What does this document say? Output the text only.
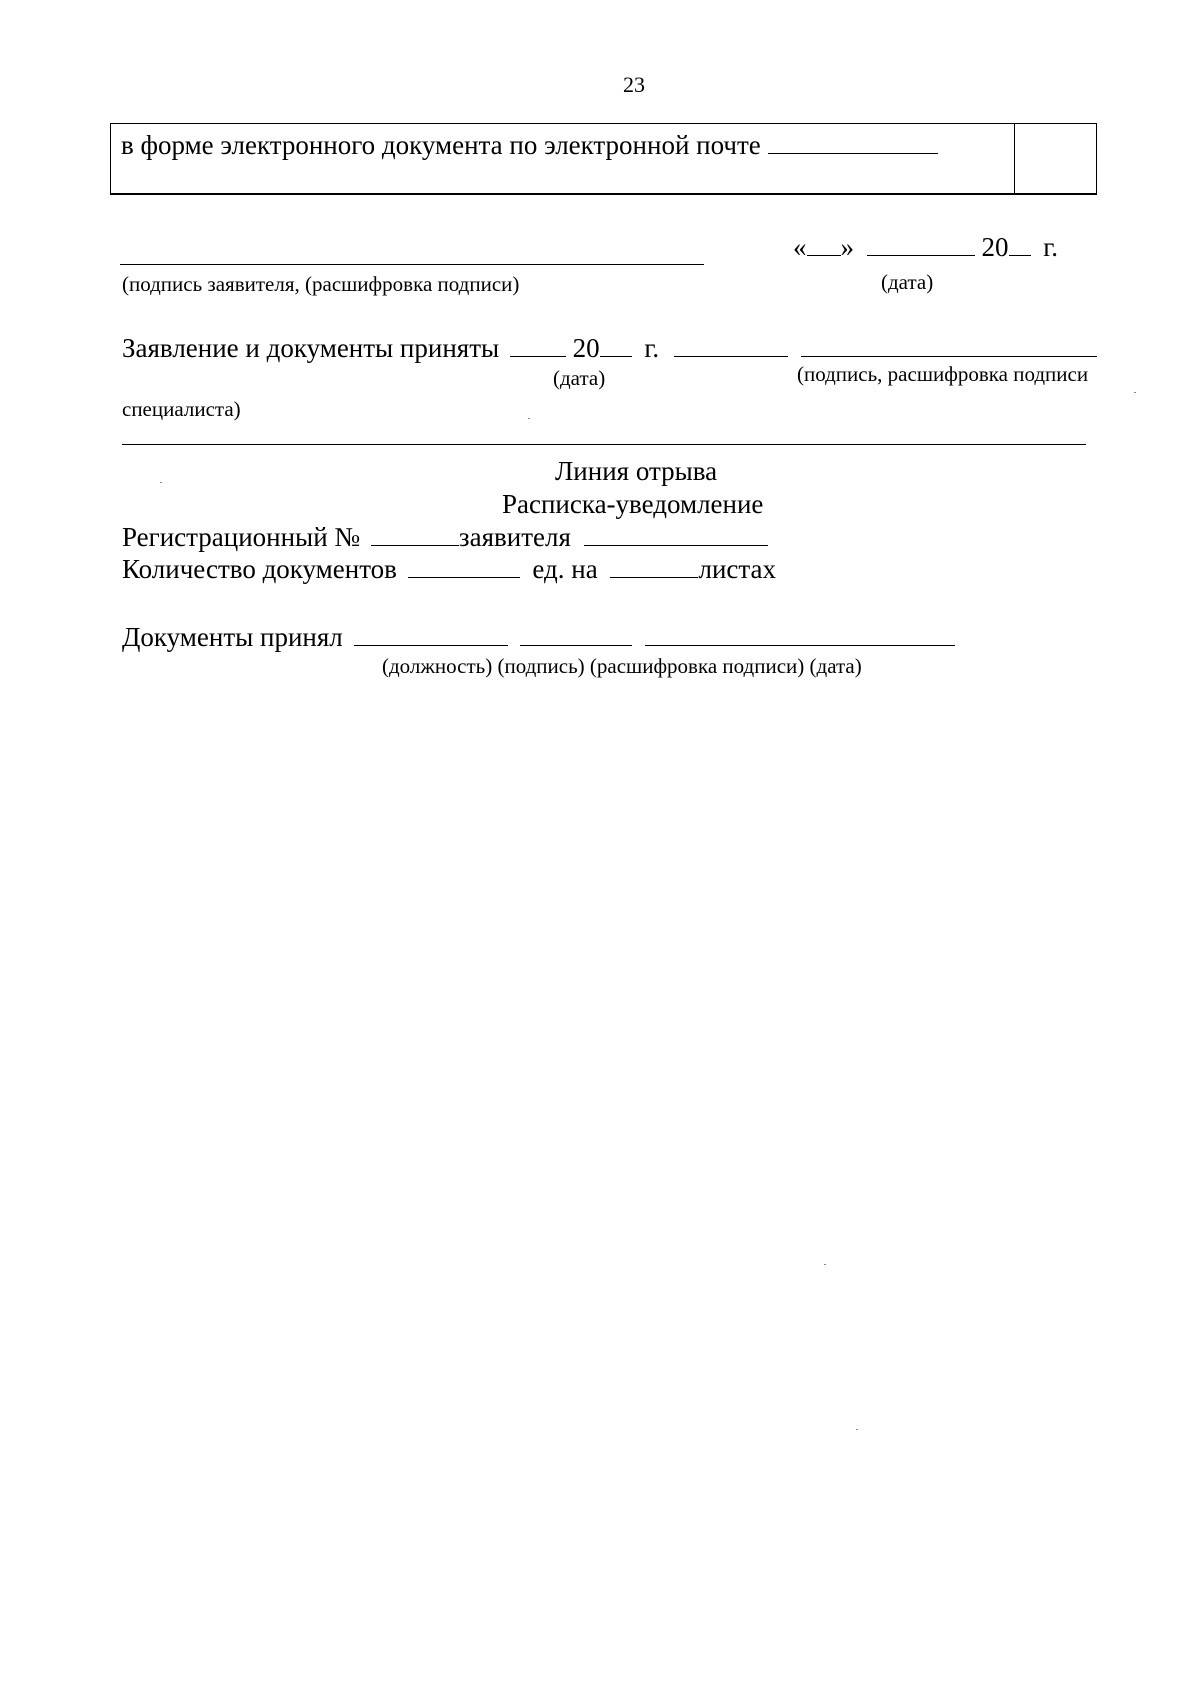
23
в форме электронного документа по электронной почте
(подпись заявителя, (расшифровка подписи)
« »	20 г.
(дата)
Заявление и документы приняты	20 г.
(дата)	(подпись, расшифровка подписи
специалиста)
Линия отрыва
Расписка-уведомление
Регистрационный №	заявителя
Количество документов	ед. на	листах
Документы принял
(должность) (подпись) (расшифровка подписи) (дата)
